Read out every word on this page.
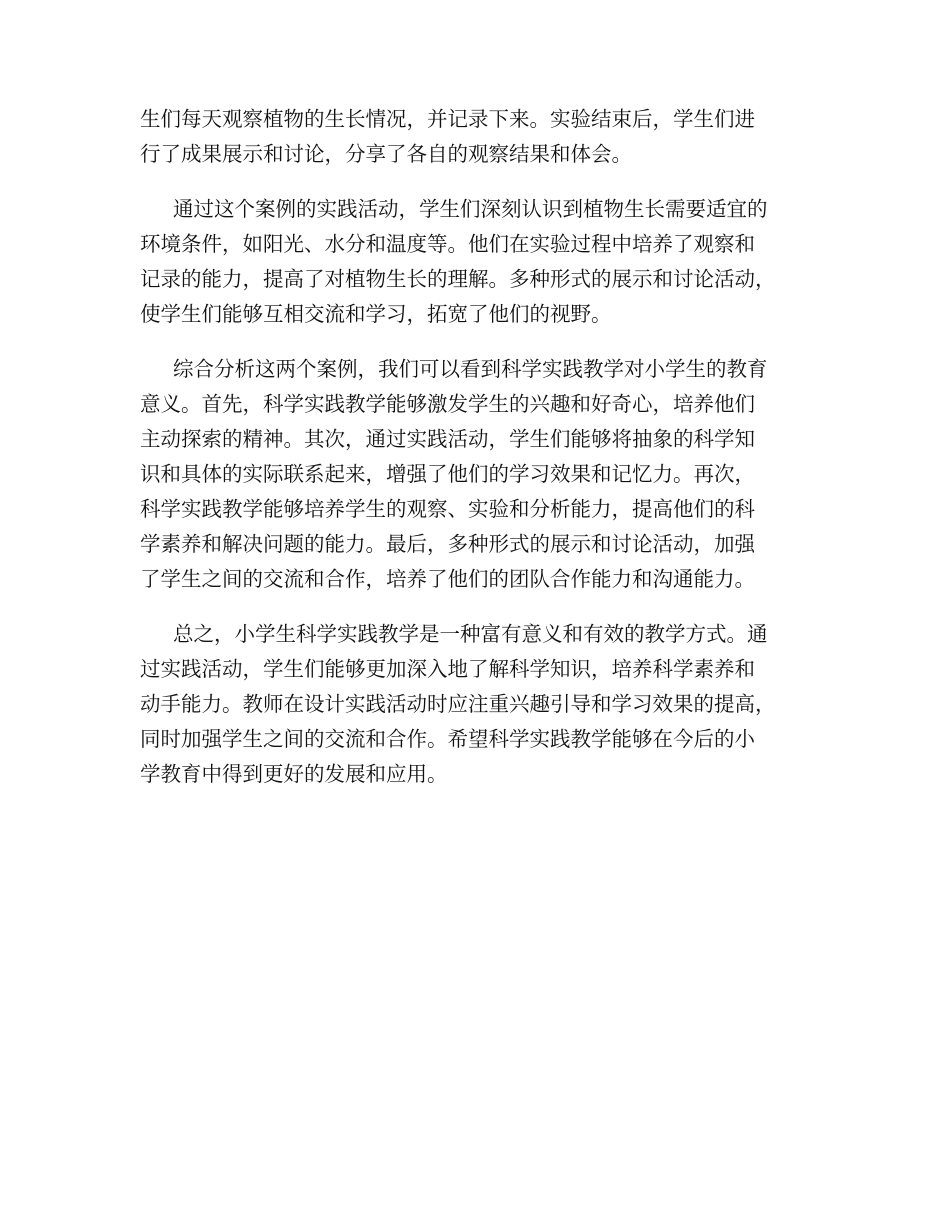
生们每天观察植物的生长情况，并记录下来。实验结束后，学生们进
行了成果展示和讨论，分享了各自的观察结果和体会。
通过这个案例的实践活动，学生们深刻认识到植物生长需要适宜的
环境条件，如阳光、水分和温度等。他们在实验过程中培养了观察和
记录的能力，提高了对植物生长的理解。多种形式的展示和讨论活动，
使学生们能够互相交流和学习，拓宽了他们的视野。
综合分析这两个案例，我们可以看到科学实践教学对小学生的教育
意义。首先，科学实践教学能够激发学生的兴趣和好奇心，培养他们
主动探索的精神。其次，通过实践活动，学生们能够将抽象的科学知
识和具体的实际联系起来，增强了他们的学习效果和记忆力。再次，
科学实践教学能够培养学生的观察、实验和分析能力，提高他们的科
学素养和解决问题的能力。最后，多种形式的展示和讨论活动，加强
了学生之间的交流和合作，培养了他们的团队合作能力和沟通能力。
总之，小学生科学实践教学是一种富有意义和有效的教学方式。通
过实践活动，学生们能够更加深入地了解科学知识，培养科学素养和
动手能力。教师在设计实践活动时应注重兴趣引导和学习效果的提高，
同时加强学生之间的交流和合作。希望科学实践教学能够在今后的小
学教育中得到更好的发展和应用。
